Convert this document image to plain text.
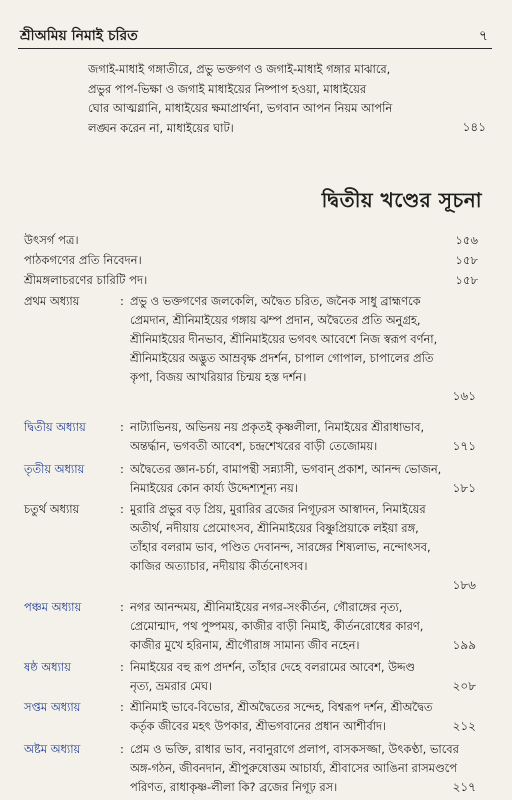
শ্রীঅমিয় নিমাই চরিত	৭
জগাই-মাধাই গঙ্গাতীরে, প্রভু ভক্তগণ ও জগাই-মাধাই গঙ্গার মাঝারে,
প্রভুর পাপ-ভিক্ষা ও জগাই মাধাইয়ের নিষ্পাপ হওয়া, মাধাইয়ের
ঘোর আত্মগ্লানি, মাধাইয়ের ক্ষমাপ্রার্থনা, ভগবান আপন নিয়ম আপনি
লঙ্ঘন করেন না, মাধাইয়ের ঘাট।	১৪১
দ্বিতীয় খণ্ডের সূচনা
উৎসর্গ পত্র।	১৫৬
পাঠকগণের প্রতি নিবেদন।	১৫৮
শ্রীমঙ্গলাচরণের চারিটি পদ।	১৫৮
প্রথম অধ্যায়	: প্রভু ও ভক্তগণের জলকেলি, অদ্বৈত চরিত, জনৈক সাধু ব্রাহ্মণকে
প্রেমদান, শ্রীনিমাইয়ের গঙ্গায় ঝম্প প্রদান, অদ্বৈতের প্রতি অনুগ্রহ,
শ্রীনিমাইয়ের দীনভাব, শ্রীনিমাইয়ের ভগবৎ আবেশে নিজ স্বরূপ বর্ণনা,
শ্রীনিমাইয়ের অদ্ভুত আম্রবৃক্ষ প্রদর্শন, চাপাল গোপাল, চাপালের প্রতি
কৃপা, বিজয় আখরিয়ার চিন্ময় হস্ত দর্শন।
১৬১
দ্বিতীয় অধ্যায়	: নাট্যাভিনয়, অভিনয় নয় প্রকৃতই কৃষ্ণলীলা, নিমাইয়ের শ্রীরাধাভাব,
অন্তর্দ্ধান, ভগবতী আবেশ, চন্দ্রশেখরের বাড়ী তেজোময়।	১৭১
তৃতীয় অধ্যায়	: অদ্বৈতের জ্ঞান-চর্চা, বামাপন্থী সন্ন্যাসী, ভগবান্ প্রকাশ, আনন্দ ভোজন,
নিমাইয়ের কোন কার্য্য উদ্দেশ্যশূন্য নয়।	১৮১
চতুর্থ অধ্যায়	: মুরারি প্রভুর বড় প্রিয়, মুরারির ব্রজের নিগূঢ়রস আস্বাদন, নিমাইয়ের
অতীর্থ, নদীয়ায় প্রেমোৎসব, শ্রীনিমাইয়ের বিষ্ণুপ্রিয়াকে লইয়া রঙ্গ,
তাঁহার বলরাম ভাব, পণ্ডিত দেবানন্দ, সারঙ্গের শিষ্যলাভ, নন্দোৎসব,
কাজির অত্যাচার, নদীয়ায় কীর্তনোৎসব।
১৮৬
পঞ্চম অধ্যায়	: নগর আনন্দময়, শ্রীনিমাইয়ের নগর-সংকীর্তন, গৌরাঙ্গের নৃত্য,
প্রেমোন্মাদ, পথ পুষ্পময়, কাজীর বাড়ী নিমাই, কীর্তনরোধের কারণ,
কাজীর মুখে হরিনাম, শ্রীগৌরাঙ্গ সামান্য জীব নহেন।	১৯৯
ষষ্ঠ অধ্যায়	: নিমাইয়ের বহু রূপ প্রদর্শন, তাঁহার দেহে বলরামের আবেশ, উদ্দণ্ড
নৃত্য, ভ্রমরার মেঘ।	২০৮
সপ্তম অধ্যায়	: শ্রীনিমাই ভাবে-বিভোর, শ্রীঅদ্বৈতের সন্দেহ, বিশ্বরূপ দর্শন, শ্রীঅদ্বৈত
কর্তৃক জীবের মহৎ উপকার, শ্রীভগবানের প্রধান আশীর্বাদ।	২১২
অষ্টম অধ্যায়	: প্রেম ও ভক্তি, রাধার ভাব, নবানুরাগে প্রলাপ, বাসকসজ্জা, উৎকণ্ঠা, ভাবের
অঙ্গ-গঠন, জীবনদান, শ্রীপুরুষোত্তম আচার্য্য, শ্রীবাসের আঙিনা রাসমণ্ডপে
পরিণত, রাধাকৃষ্ণ-লীলা কি? ব্রজের নিগূঢ় রস।	২১৭
